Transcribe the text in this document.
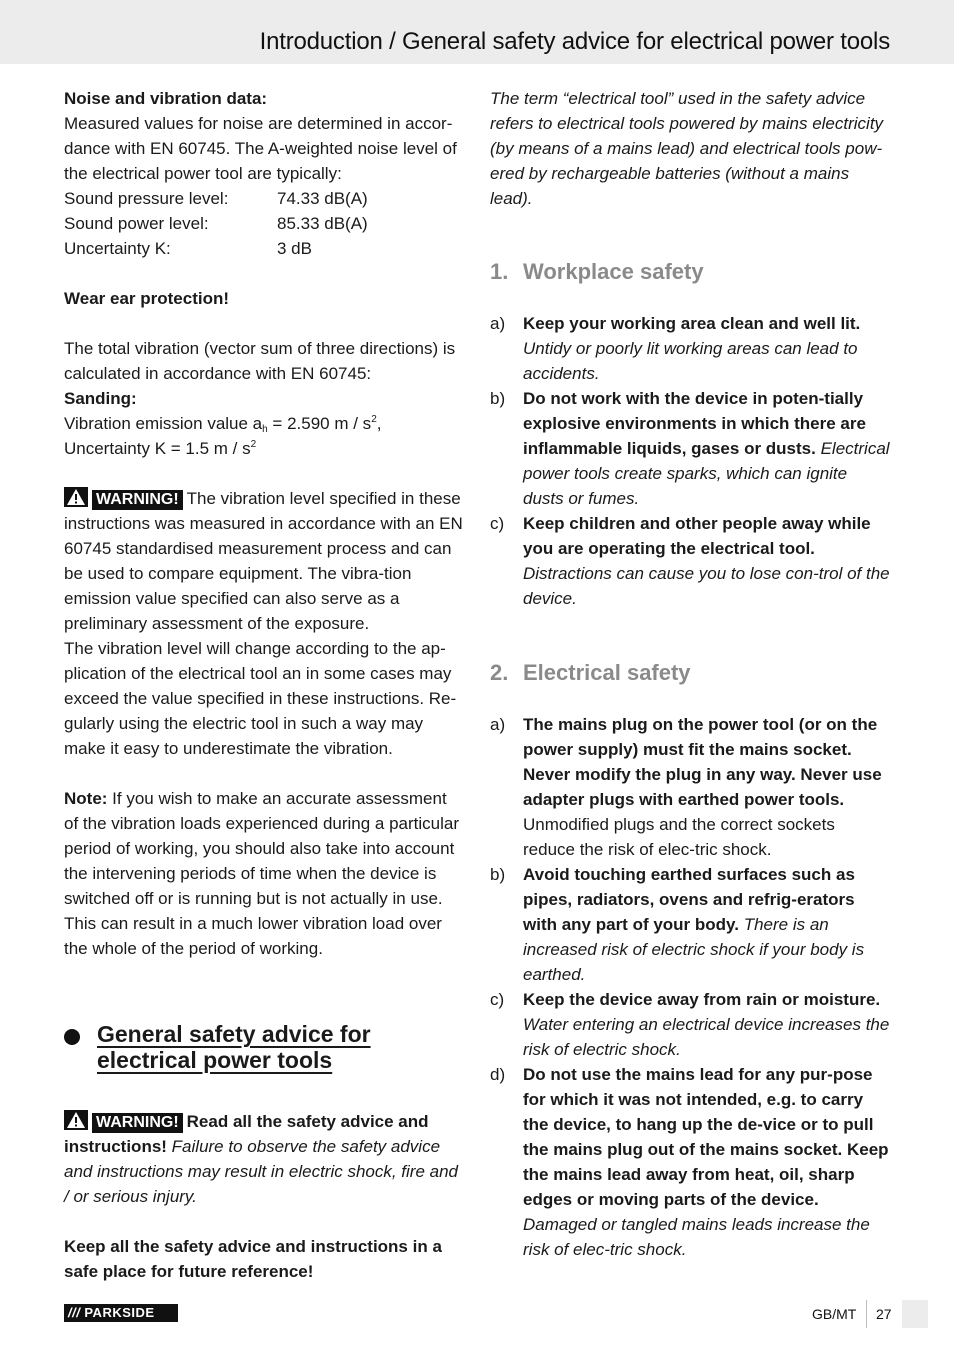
Introduction / General safety advice for electrical power tools

Noise and vibration data:

Measured values for noise are determined in accor-dance with EN 60745. The A-weighted noise level of the electrical power tool are typically:

Sound pressure level:	74.33 dB(A)
Sound power level:	85.33 dB(A)
Uncertainty K:	3 dB

Wear ear protection!

The total vibration (vector sum of three directions) is calculated in accordance with EN 60745:

Sanding:

Vibration emission value $a_h = 2.590$ m / $s^2$,

Uncertainty K = 1.5 m / $s^2$

WARNING! The vibration level specified in these instructions was measured in accordance with an EN 60745 standardised measurement process and can be used to compare equipment. The vibra-tion emission value specified can also serve as a preliminary assessment of the exposure.

The vibration level will change according to the ap-plication of the electrical tool an in some cases may exceed the value specified in these instructions. Re-gularly using the electric tool in such a way may make it easy to underestimate the vibration.

Note: If you wish to make an accurate assessment of the vibration loads experienced during a particular period of working, you should also take into account the intervening periods of time when the device is switched off or is running but is not actually in use. This can result in a much lower vibration load over the whole of the period of working.

General safety advice for electrical power tools

WARNING! Read all the safety advice and instructions! Failure to observe the safety advice and instructions may result in electric shock, fire and / or serious injury.

Keep all the safety advice and instructions in a safe place for future reference!

The term “electrical tool” used in the safety advice refers to electrical tools powered by mains electricity (by means of a mains lead) and electrical tools pow-ered by rechargeable batteries (without a mains lead).

1. Workplace safety
a)	Keep your working area clean and well lit. Untidy or poorly lit working areas can lead to accidents.

b)	Do not work with the device in poten-tially explosive environments in which there are inflammable liquids, gases or dusts. Electrical power tools create sparks, which can ignite dusts or fumes.

c)	Keep children and other people away while you are operating the electrical tool. Distractions can cause you to lose con-trol of the device.

2. Electrical safety
a)	The mains plug on the power tool (or on the power supply) must fit the mains socket. Never modify the plug in any way. Never use adapter plugs with earthed power tools. Unmodified plugs and the correct sockets reduce the risk of elec-tric shock.

b)	Avoid touching earthed surfaces such as pipes, radiators, ovens and refrig-erators with any part of your body. There is an increased risk of electric shock if your body is earthed.

c)	Keep the device away from rain or moisture. Water entering an electrical device increases the risk of electric shock.

d)	Do not use the mains lead for any pur-pose for which it was not intended, e.g. to carry the device, to hang up the de-vice or to pull the mains plug out of the mains socket. Keep the mains lead away from heat, oil, sharp edges or moving parts of the device. Damaged or tangled mains leads increase the risk of elec-tric shock.

/// PARKSIDE	GB/MT 27
